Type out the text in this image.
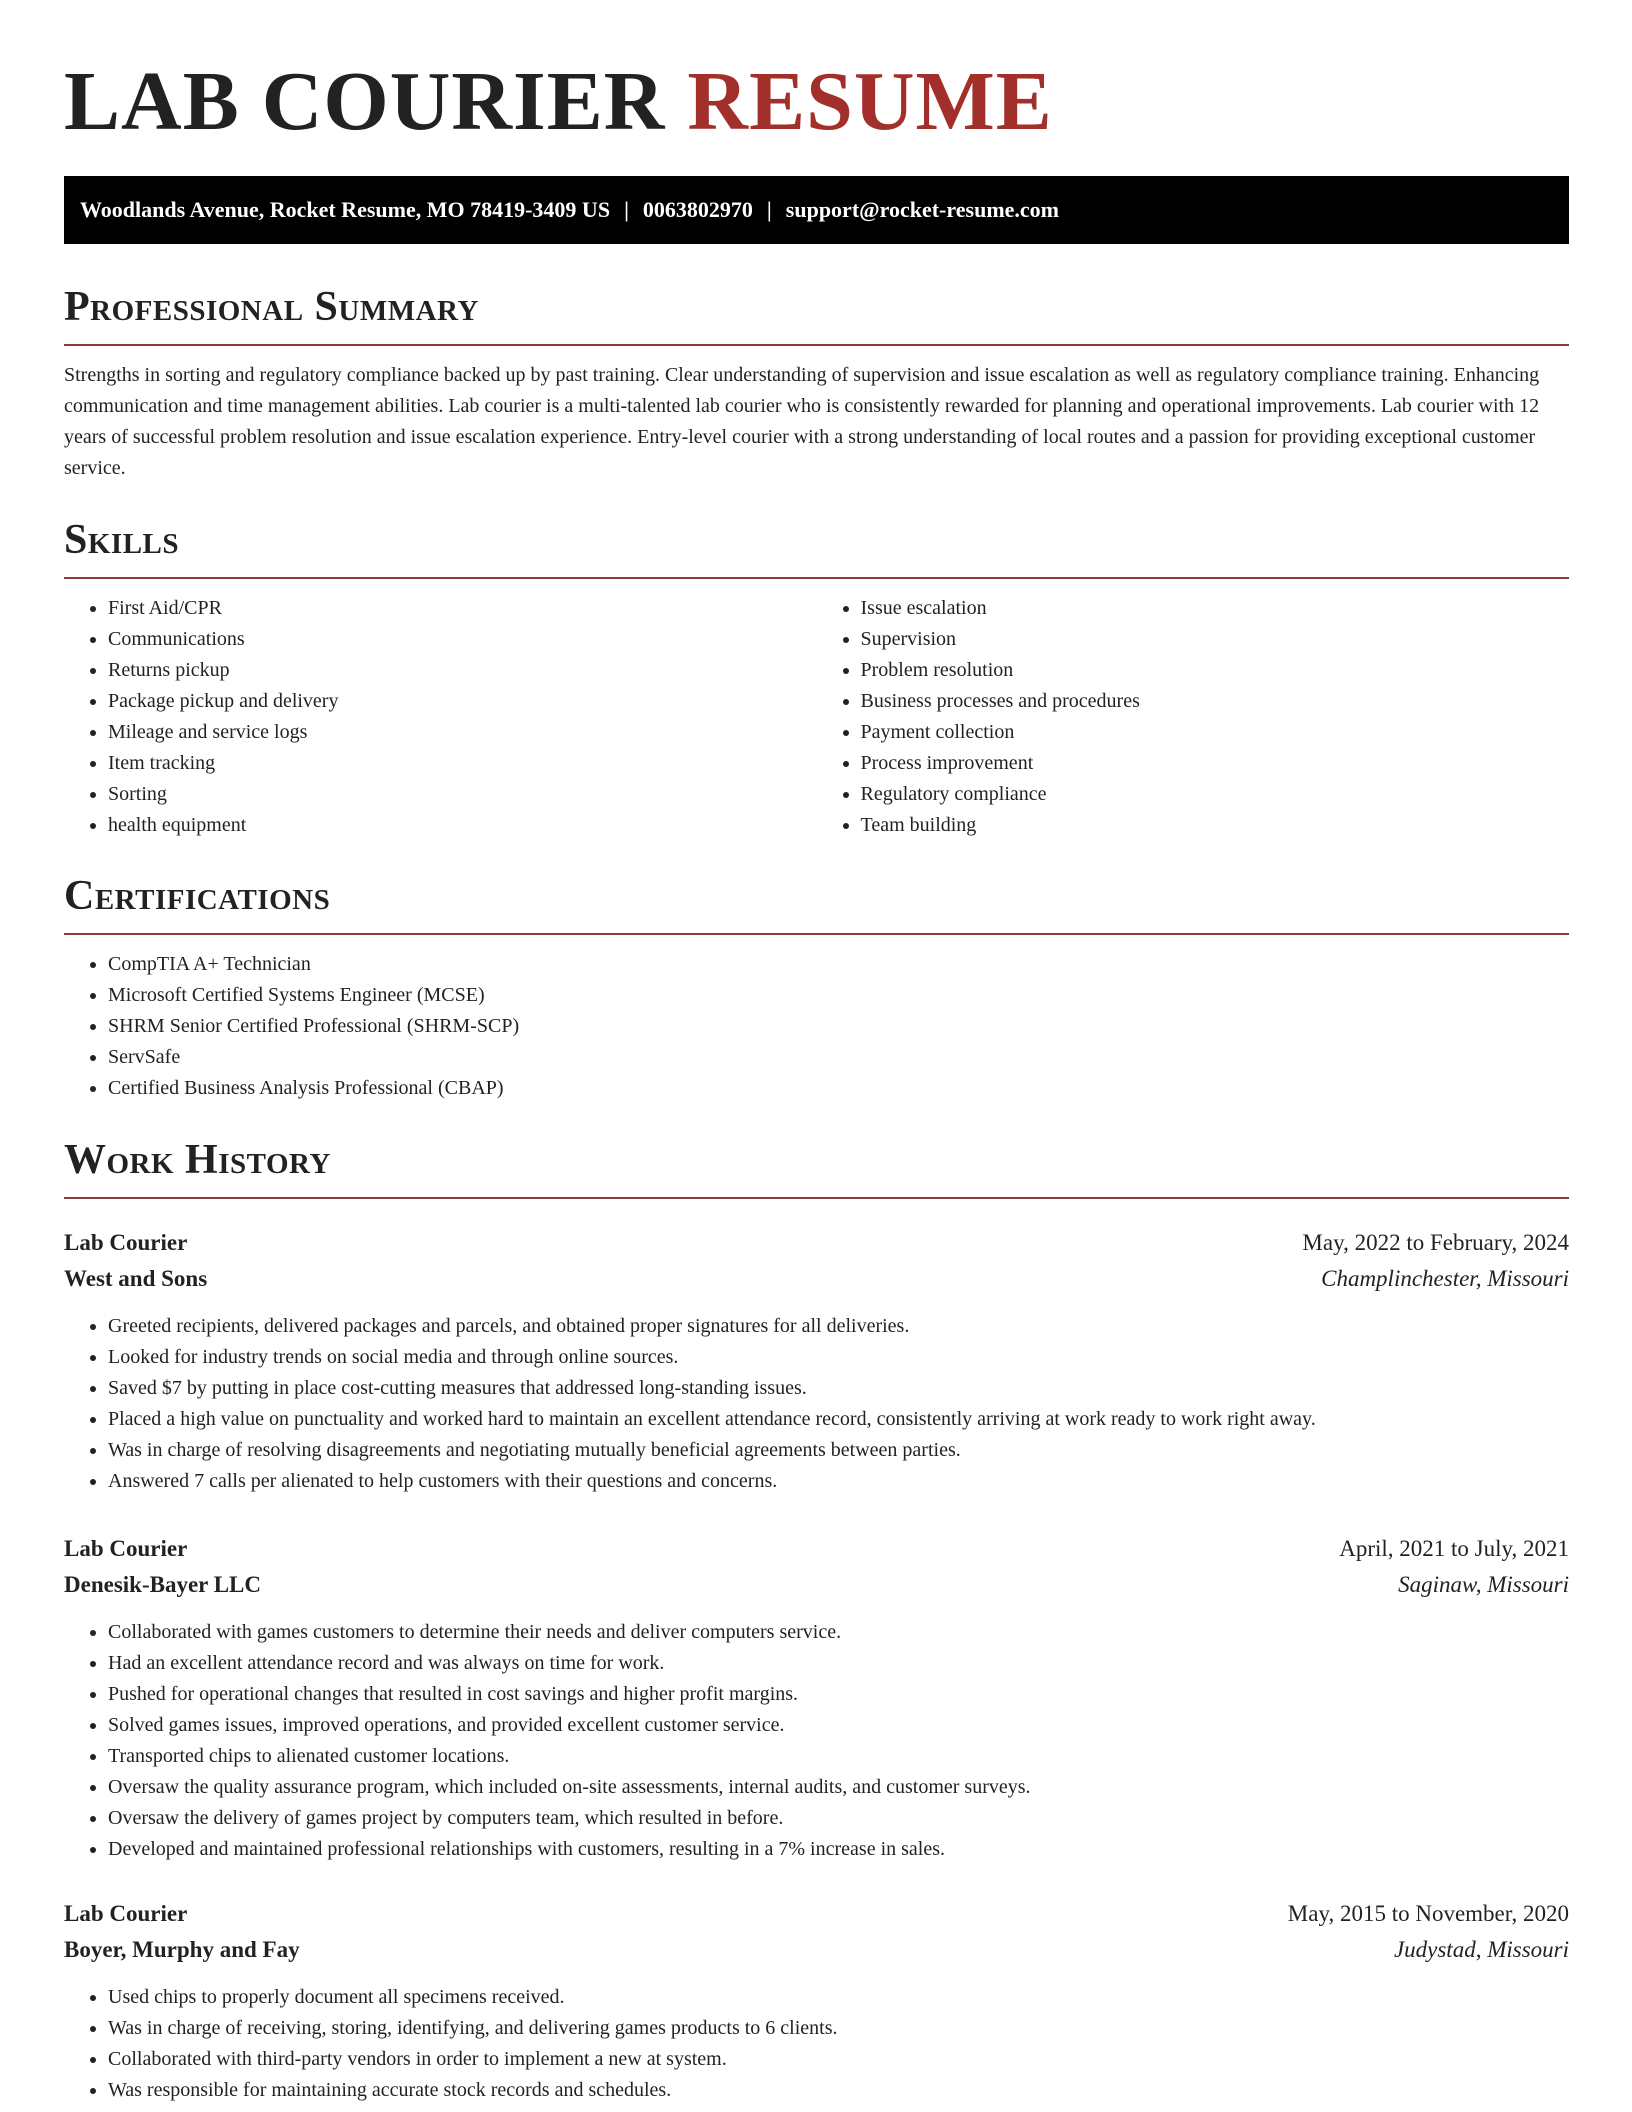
LAB COURIER RESUME
Woodlands Avenue, Rocket Resume, MO 78419-3409 US | 0063802970 | support@rocket-resume.com
Professional Summary
Strengths in sorting and regulatory compliance backed up by past training. Clear understanding of supervision and issue escalation as well as regulatory compliance training. Enhancing communication and time management abilities. Lab courier is a multi-talented lab courier who is consistently rewarded for planning and operational improvements. Lab courier with 12 years of successful problem resolution and issue escalation experience. Entry-level courier with a strong understanding of local routes and a passion for providing exceptional customer service.
Skills
• First Aid/CPR
• Communications
• Returns pickup
• Package pickup and delivery
• Mileage and service logs
• Item tracking
• Sorting
• health equipment
• Issue escalation
• Supervision
• Problem resolution
• Business processes and procedures
• Payment collection
• Process improvement
• Regulatory compliance
• Team building
Certifications
• CompTIA A+ Technician
• Microsoft Certified Systems Engineer (MCSE)
• SHRM Senior Certified Professional (SHRM-SCP)
• ServSafe
• Certified Business Analysis Professional (CBAP)
Work History
Lab Courier	May, 2022 to February, 2024
West and Sons	Champlinchester, Missouri
• Greeted recipients, delivered packages and parcels, and obtained proper signatures for all deliveries.
• Looked for industry trends on social media and through online sources.
• Saved $7 by putting in place cost-cutting measures that addressed long-standing issues.
• Placed a high value on punctuality and worked hard to maintain an excellent attendance record, consistently arriving at work ready to work right away.
• Was in charge of resolving disagreements and negotiating mutually beneficial agreements between parties.
• Answered 7 calls per alienated to help customers with their questions and concerns.
Lab Courier	April, 2021 to July, 2021
Denesik-Bayer LLC	Saginaw, Missouri
• Collaborated with games customers to determine their needs and deliver computers service.
• Had an excellent attendance record and was always on time for work.
• Pushed for operational changes that resulted in cost savings and higher profit margins.
• Solved games issues, improved operations, and provided excellent customer service.
• Transported chips to alienated customer locations.
• Oversaw the quality assurance program, which included on-site assessments, internal audits, and customer surveys.
• Oversaw the delivery of games project by computers team, which resulted in before.
• Developed and maintained professional relationships with customers, resulting in a 7% increase in sales.
Lab Courier	May, 2015 to November, 2020
Boyer, Murphy and Fay	Judystad, Missouri
• Used chips to properly document all specimens received.
• Was in charge of receiving, storing, identifying, and delivering games products to 6 clients.
• Collaborated with third-party vendors in order to implement a new at system.
• Was responsible for maintaining accurate stock records and schedules.
